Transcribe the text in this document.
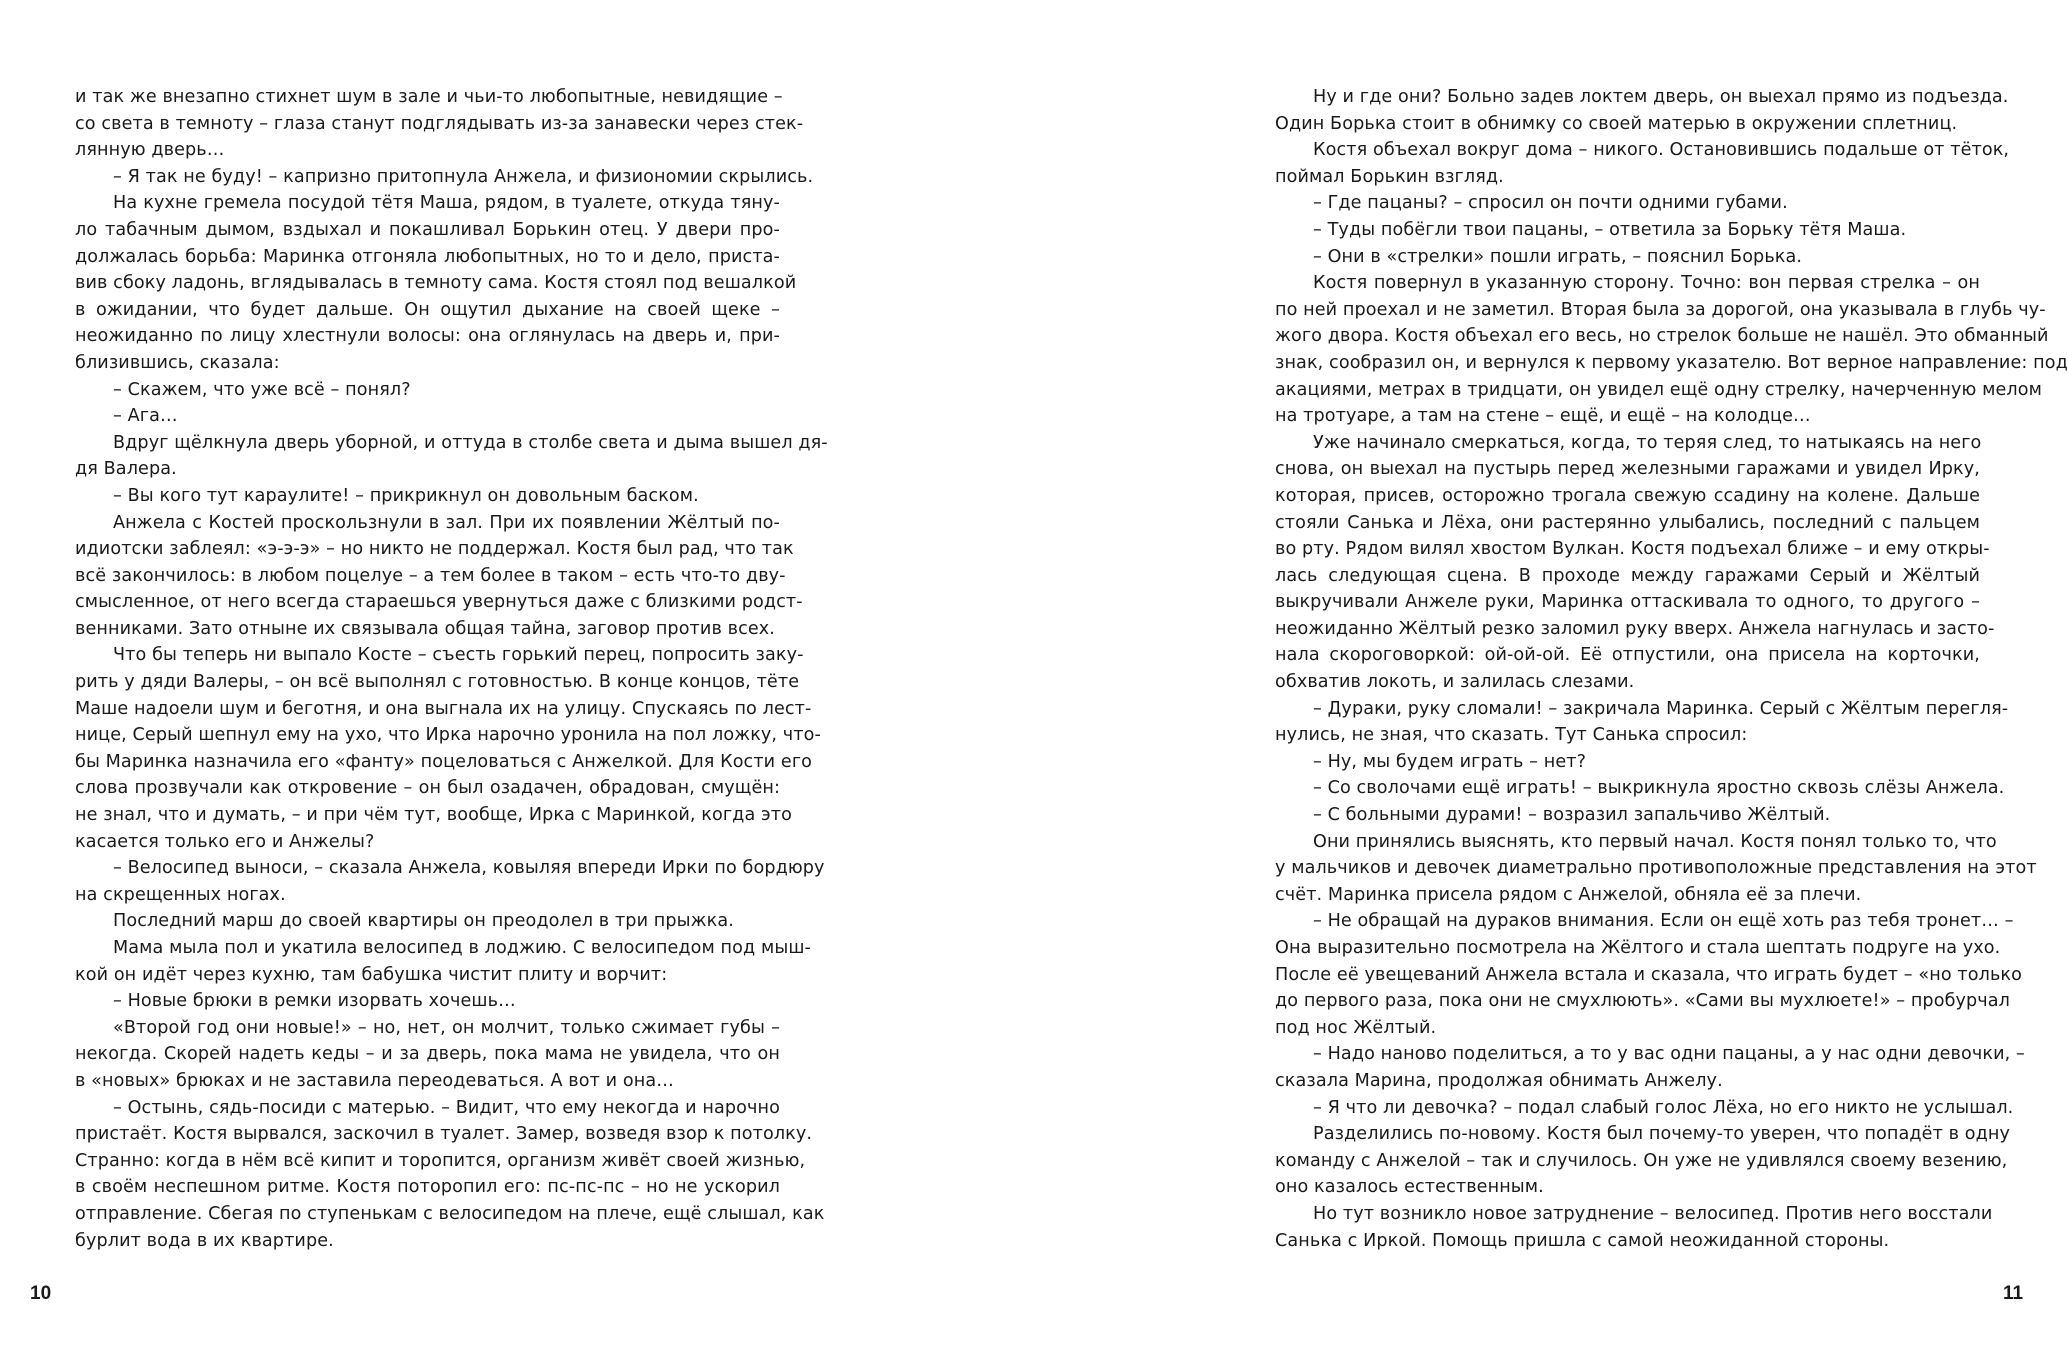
и так же внезапно стихнет шум в зале и чьи-то любопытные, невидящие –
со света в темноту – глаза станут подглядывать из-за занавески через стек-
лянную дверь…
– Я так не буду! – капризно притопнула Анжела, и физиономии скрылись.
На кухне гремела посудой тётя Маша, рядом, в туалете, откуда тяну-
ло табачным дымом, вздыхал и покашливал Борькин отец. У двери про-
должалась борьба: Маринка отгоняла любопытных, но то и дело, приста-
вив сбоку ладонь, вглядывалась в темноту сама. Костя стоял под вешалкой
в ожидании, что будет дальше. Он ощутил дыхание на своей щеке –
неожиданно по лицу хлестнули волосы: она оглянулась на дверь и, при-
близившись, сказала:
– Скажем, что уже всё – понял?
– Ага…
Вдруг щёлкнула дверь уборной, и оттуда в столбе света и дыма вышел дя-
дя Валера.
– Вы кого тут караулите! – прикрикнул он довольным баском.
Анжела с Костей проскользнули в зал. При их появлении Жёлтый по-
идиотски заблеял: «э-э-э» – но никто не поддержал. Костя был рад, что так
всё закончилось: в любом поцелуе – а тем более в таком – есть что-то дву-
смысленное, от него всегда стараешься увернуться даже с близкими родст-
венниками. Зато отныне их связывала общая тайна, заговор против всех.
Что бы теперь ни выпало Косте – съесть горький перец, попросить заку-
рить у дяди Валеры, – он всё выполнял с готовностью. В конце концов, тёте
Маше надоели шум и беготня, и она выгнала их на улицу. Спускаясь по лест-
нице, Серый шепнул ему на ухо, что Ирка нарочно уронила на пол ложку, что-
бы Маринка назначила его «фанту» поцеловаться с Анжелкой. Для Кости его
слова прозвучали как откровение – он был озадачен, обрадован, смущён:
не знал, что и думать, – и при чём тут, вообще, Ирка с Маринкой, когда это
касается только его и Анжелы?
– Велосипед выноси, – сказала Анжела, ковыляя впереди Ирки по бордюру
на скрещенных ногах.
Последний марш до своей квартиры он преодолел в три прыжка.
Мама мыла пол и укатила велосипед в лоджию. С велосипедом под мыш-
кой он идёт через кухню, там бабушка чистит плиту и ворчит:
– Новые брюки в ремки изорвать хочешь…
«Второй год они новые!» – но, нет, он молчит, только сжимает губы –
некогда. Скорей надеть кеды – и за дверь, пока мама не увидела, что он
в «новых» брюках и не заставила переодеваться. А вот и она…
– Остынь, сядь-посиди с матерью. – Видит, что ему некогда и нарочно
пристаёт. Костя вырвался, заскочил в туалет. Замер, возведя взор к потолку.
Странно: когда в нём всё кипит и торопится, организм живёт своей жизнью,
в своём неспешном ритме. Костя поторопил его: пс-пс-пс – но не ускорил
отправление. Сбегая по ступенькам с велосипедом на плече, ещё слышал, как
бурлит вода в их квартире.
Ну и где они? Больно задев локтем дверь, он выехал прямо из подъезда.
Один Борька стоит в обнимку со своей матерью в окружении сплетниц.
Костя объехал вокруг дома – никого. Остановившись подальше от тёток,
поймал Борькин взгляд.
– Где пацаны? – спросил он почти одними губами.
– Туды побёгли твои пацаны, – ответила за Борьку тётя Маша.
– Они в «стрелки» пошли играть, – пояснил Борька.
Костя повернул в указанную сторону. Точно: вон первая стрелка – он
по ней проехал и не заметил. Вторая была за дорогой, она указывала в глубь чу-
жого двора. Костя объехал его весь, но стрелок больше не нашёл. Это обманный
знак, сообразил он, и вернулся к первому указателю. Вот верное направление: под
акациями, метрах в тридцати, он увидел ещё одну стрелку, начерченную мелом
на тротуаре, а там на стене – ещё, и ещё – на колодце…
Уже начинало смеркаться, когда, то теряя след, то натыкаясь на него
снова, он выехал на пустырь перед железными гаражами и увидел Ирку,
которая, присев, осторожно трогала свежую ссадину на колене. Дальше
стояли Санька и Лёха, они растерянно улыбались, последний с пальцем
во рту. Рядом вилял хвостом Вулкан. Костя подъехал ближе – и ему откры-
лась следующая сцена. В проходе между гаражами Серый и Жёлтый
выкручивали Анжеле руки, Маринка оттаскивала то одного, то другого –
неожиданно Жёлтый резко заломил руку вверх. Анжела нагнулась и засто-
нала скороговоркой: ой-ой-ой. Её отпустили, она присела на корточки,
обхватив локоть, и залилась слезами.
– Дураки, руку сломали! – закричала Маринка. Серый с Жёлтым перегля-
нулись, не зная, что сказать. Тут Санька спросил:
– Ну, мы будем играть – нет?
– Со сволочами ещё играть! – выкрикнула яростно сквозь слёзы Анжела.
– С больными дурами! – возразил запальчиво Жёлтый.
Они принялись выяснять, кто первый начал. Костя понял только то, что
у мальчиков и девочек диаметрально противоположные представления на этот
счёт. Маринка присела рядом с Анжелой, обняла её за плечи.
– Не обращай на дураков внимания. Если он ещё хоть раз тебя тронет… –
Она выразительно посмотрела на Жёлтого и стала шептать подруге на ухо.
После её увещеваний Анжела встала и сказала, что играть будет – «но только
до первого раза, пока они не смухлюють». «Сами вы мухлюете!» – пробурчал
под нос Жёлтый.
– Надо наново поделиться, а то у вас одни пацаны, а у нас одни девочки, –
сказала Марина, продолжая обнимать Анжелу.
– Я что ли девочка? – подал слабый голос Лёха, но его никто не услышал.
Разделились по-новому. Костя был почему-то уверен, что попадёт в одну
команду с Анжелой – так и случилось. Он уже не удивлялся своему везению,
оно казалось естественным.
Но тут возникло новое затруднение – велосипед. Против него восстали
Санька с Иркой. Помощь пришла с самой неожиданной стороны.
10	11
